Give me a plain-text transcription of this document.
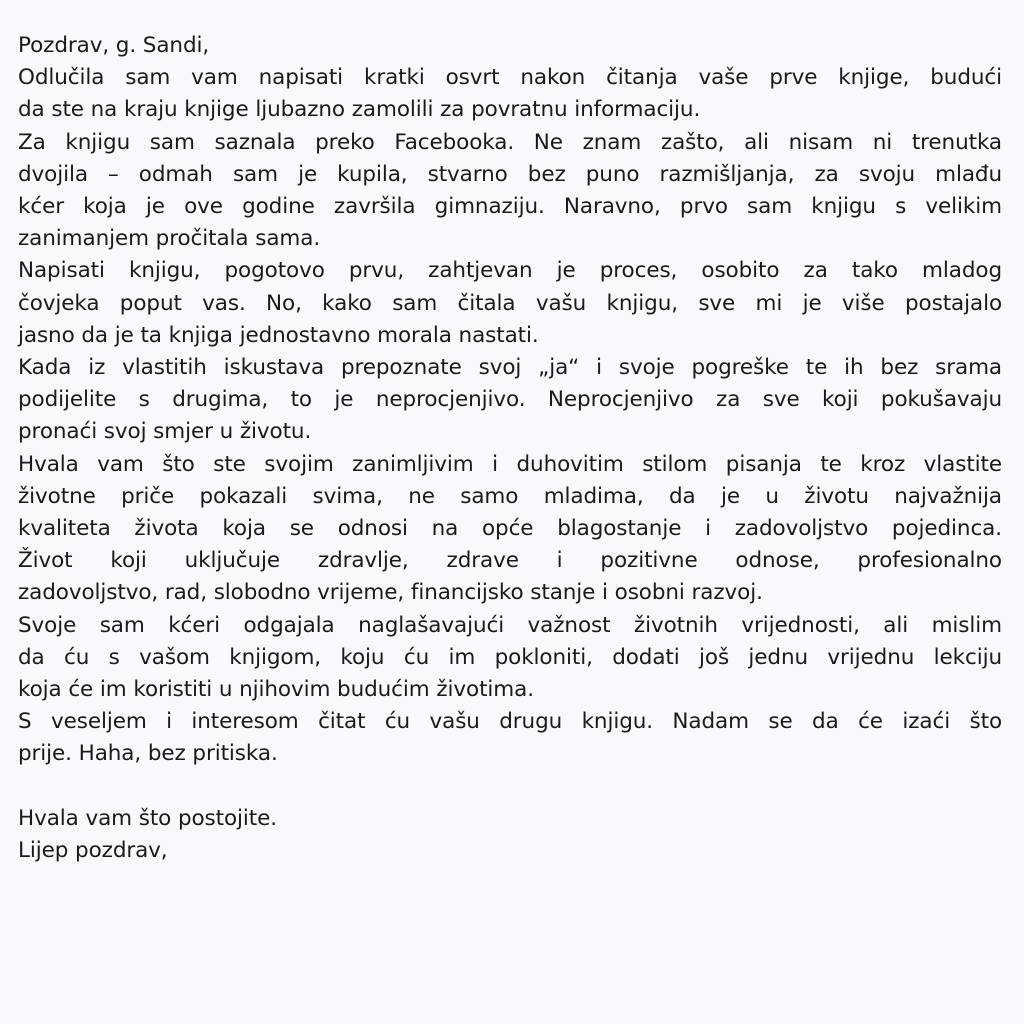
Pozdrav, g. Sandi,
Odlučila sam vam napisati kratki osvrt nakon čitanja vaše prve knjige, budući
da ste na kraju knjige ljubazno zamolili za povratnu informaciju.
Za knjigu sam saznala preko Facebooka. Ne znam zašto, ali nisam ni trenutka
dvojila – odmah sam je kupila, stvarno bez puno razmišljanja, za svoju mlađu
kćer koja je ove godine završila gimnaziju. Naravno, prvo sam knjigu s velikim
zanimanjem pročitala sama.
Napisati knjigu, pogotovo prvu, zahtjevan je proces, osobito za tako mladog
čovjeka poput vas. No, kako sam čitala vašu knjigu, sve mi je više postajalo
jasno da je ta knjiga jednostavno morala nastati.
Kada iz vlastitih iskustava prepoznate svoj „ja“ i svoje pogreške te ih bez srama
podijelite s drugima, to je neprocjenjivo. Neprocjenjivo za sve koji pokušavaju
pronaći svoj smjer u životu.
Hvala vam što ste svojim zanimljivim i duhovitim stilom pisanja te kroz vlastite
životne priče pokazali svima, ne samo mladima, da je u životu najvažnija
kvaliteta života koja se odnosi na opće blagostanje i zadovoljstvo pojedinca.
Život koji uključuje zdravlje, zdrave i pozitivne odnose, profesionalno
zadovoljstvo, rad, slobodno vrijeme, financijsko stanje i osobni razvoj.
Svoje sam kćeri odgajala naglašavajući važnost životnih vrijednosti, ali mislim
da ću s vašom knjigom, koju ću im pokloniti, dodati još jednu vrijednu lekciju
koja će im koristiti u njihovim budućim životima.
S veseljem i interesom čitat ću vašu drugu knjigu. Nadam se da će izaći što
prije. Haha, bez pritiska.
Hvala vam što postojite.
Lijep pozdrav,
